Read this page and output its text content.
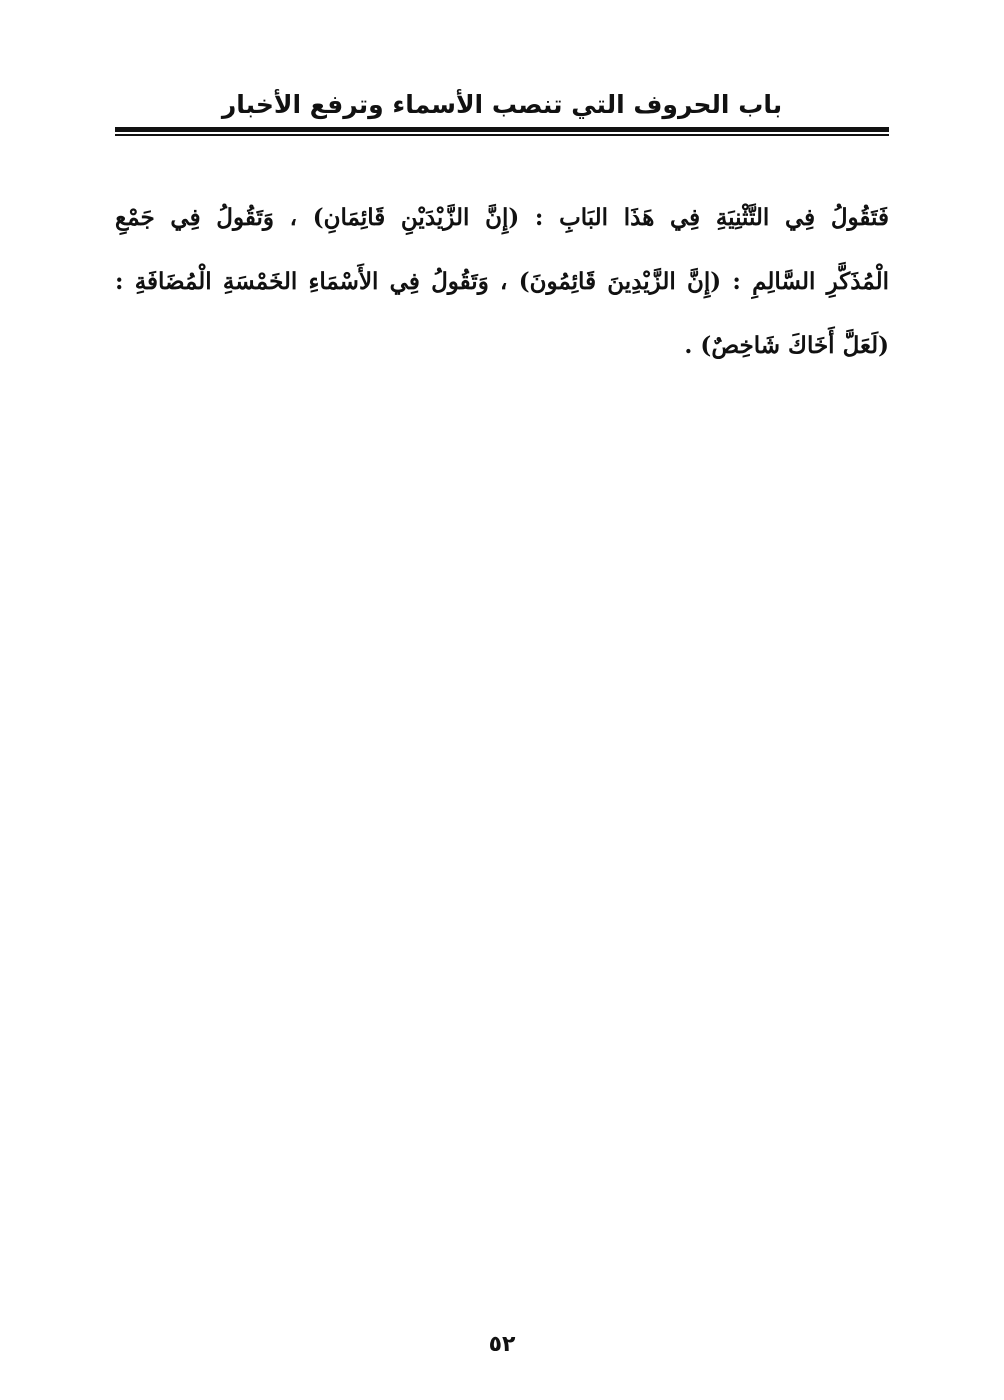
باب الحروف التي تنصب الأسماء وترفع الأخبار
فَتَقُولُ فِي التَّثْنِيَةِ فِي هَذَا البَابِ : (إِنَّ الزَّيْدَيْنِ قَائِمَانِ) ، وَتَقُولُ فِي جَمْعِ
الْمُذَكَّرِ السَّالِمِ : (إِنَّ الزَّيْدِينَ قَائِمُونَ) ، وَتَقُولُ فِي الأَسْمَاءِ الخَمْسَةِ الْمُضَافَةِ :
(لَعَلَّ أَخَاكَ شَاخِصٌ) .
٥٢
